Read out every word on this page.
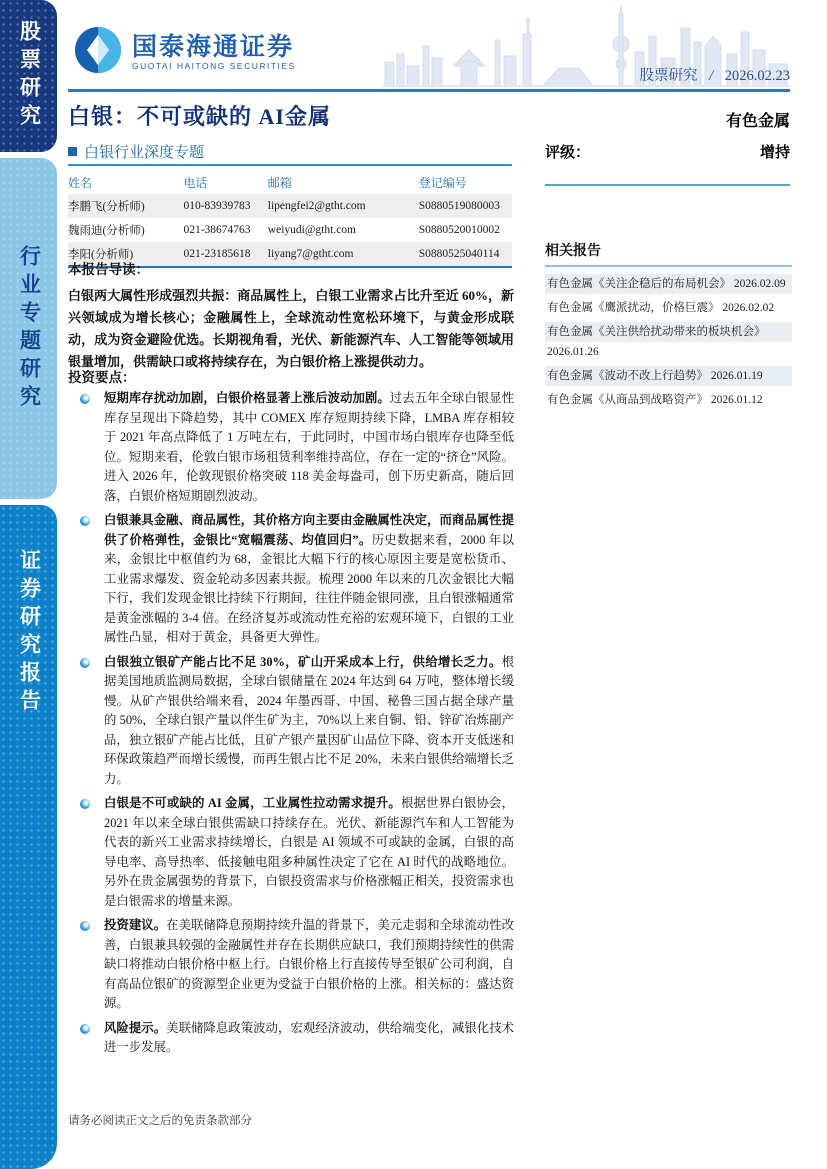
股票研究
行业专题研究
证券研究报告
国泰海通证券
GUOTAI HAITONG SECURITIES
股票研究 / 2026.02.23
白银：不可或缺的 AI金属	有色金属
白银行业深度专题	评级：	增持
姓名	电话	邮箱	登记编号
李鹏飞(分析师)	010-83939783	lipengfei2@gtht.com	S0880519080003
魏雨迪(分析师)	021-38674763	weiyudi@gtht.com	S0880520010002
李阳(分析师)	021-23185618	liyang7@gtht.com	S0880525040114
本报告导读：
白银两大属性形成强烈共振：商品属性上，白银工业需求占比升至近 60%，新兴领域成为增长核心；金融属性上，全球流动性宽松环境下，与黄金形成联动，成为资金避险优选。长期视角看，光伏、新能源汽车、人工智能等领域用银量增加，供需缺口或将持续存在，为白银价格上涨提供动力。
投资要点：
短期库存扰动加剧，白银价格显著上涨后波动加剧。过去五年全球白银显性库存呈现出下降趋势，其中 COMEX 库存短期持续下降，LMBA 库存相较于 2021 年高点降低了 1 万吨左右，于此同时，中国市场白银库存也降至低位。短期来看，伦敦白银市场租赁利率维持高位，存在一定的“挤仓”风险。进入 2026 年，伦敦现银价格突破 118 美金每盎司，创下历史新高，随后回落，白银价格短期剧烈波动。
白银兼具金融、商品属性，其价格方向主要由金融属性决定，而商品属性提供了价格弹性，金银比“宽幅震荡、均值回归”。历史数据来看，2000 年以来，金银比中枢值约为 68，金银比大幅下行的核心原因主要是宽松货币、工业需求爆发、资金轮动多因素共振。梳理 2000 年以来的几次金银比大幅下行，我们发现金银比持续下行期间，往往伴随金银同涨，且白银涨幅通常是黄金涨幅的 3-4 倍。在经济复苏或流动性充裕的宏观环境下，白银的工业属性凸显，相对于黄金，具备更大弹性。
白银独立银矿产能占比不足 30%，矿山开采成本上行，供给增长乏力。根据美国地质监测局数据，全球白银储量在 2024 年达到 64 万吨，整体增长缓慢。从矿产银供给端来看，2024 年墨西哥、中国、秘鲁三国占据全球产量的 50%，全球白银产量以伴生矿为主，70%以上来自铜、铅、锌矿冶炼副产品，独立银矿产能占比低，且矿产银产量因矿山品位下降、资本开支低迷和环保政策趋严而增长缓慢，而再生银占比不足 20%，未来白银供给端增长乏力。
白银是不可或缺的 AI 金属，工业属性拉动需求提升。根据世界白银协会，2021 年以来全球白银供需缺口持续存在。光伏、新能源汽车和人工智能为代表的新兴工业需求持续增长，白银是 AI 领域不可或缺的金属，白银的高导电率、高导热率、低接触电阻多种属性决定了它在 AI 时代的战略地位。另外在贵金属强势的背景下，白银投资需求与价格涨幅正相关，投资需求也是白银需求的增量来源。
投资建议。在美联储降息预期持续升温的背景下，美元走弱和全球流动性改善，白银兼具较强的金融属性并存在长期供应缺口，我们预期持续性的供需缺口将推动白银价格中枢上行。白银价格上行直接传导至银矿公司利润，自有高品位银矿的资源型企业更为受益于白银价格的上涨。相关标的：盛达资源。
风险提示。美联储降息政策波动，宏观经济波动，供给端变化，减银化技术进一步发展。
相关报告
有色金属《关注企稳后的布局机会》 2026.02.09
有色金属《鹰派扰动，价格巨震》 2026.02.02
有色金属《关注供给扰动带来的板块机会》
2026.01.26
有色金属《波动不改上行趋势》 2026.01.19
有色金属《从商品到战略资产》 2026.01.12
请务必阅读正文之后的免责条款部分
